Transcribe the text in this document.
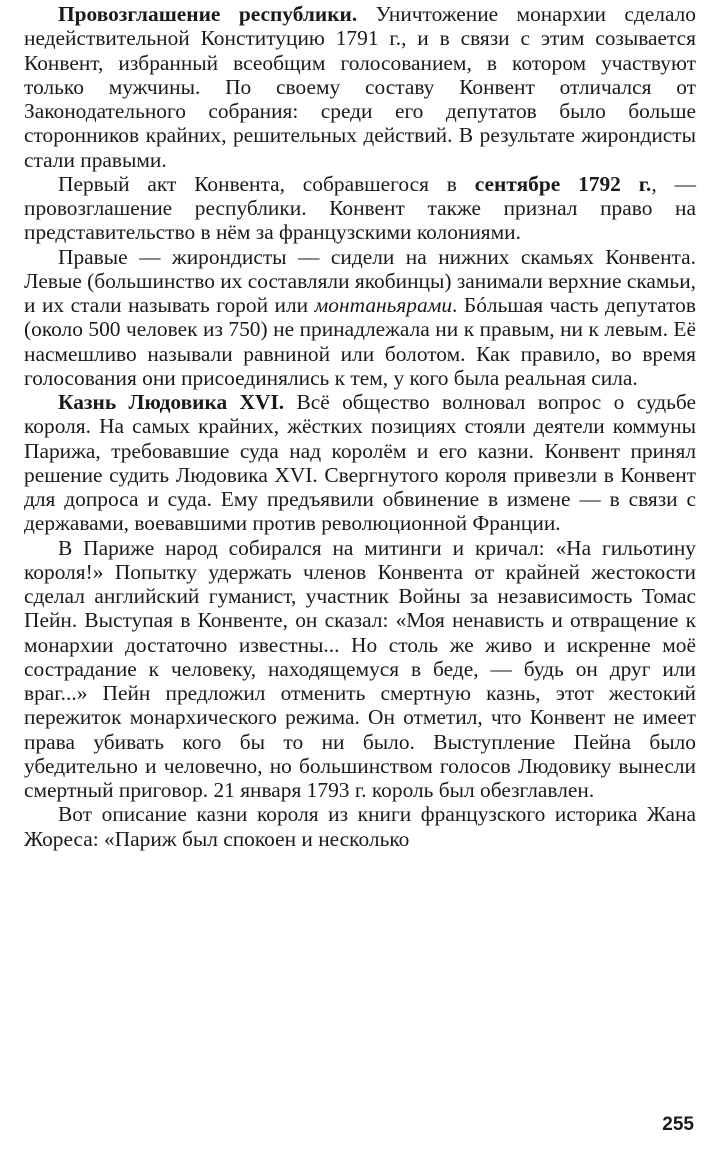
Провозглашение республики. Уничтожение монархии сделало недействительной Конституцию 1791 г., и в связи с этим созывается Конвент, избранный всеобщим голосованием, в котором участвуют только мужчины. По своему составу Конвент отличался от Законодательного собрания: среди его депутатов было больше сторонников крайних, решительных действий. В результате жирондисты стали правыми.

Первый акт Конвента, собравшегося в сентябре 1792 г., — провозглашение республики. Конвент также признал право на представительство в нём за французскими колониями.

Правые — жирондисты — сидели на нижних скамьях Конвента. Левые (большинство их составляли якобинцы) занимали верхние скамьи, и их стали называть горой или монтаньярами. Бóльшая часть депутатов (около 500 человек из 750) не принадлежала ни к правым, ни к левым. Её насмешливо называли равниной или болотом. Как правило, во время голосования они присоединялись к тем, у кого была реальная сила.

Казнь Людовика XVI. Всё общество волновал вопрос о судьбе короля. На самых крайних, жёстких позициях стояли деятели коммуны Парижа, требовавшие суда над королём и его казни. Конвент принял решение судить Людовика XVI. Свергнутого короля привезли в Конвент для допроса и суда. Ему предъявили обвинение в измене — в связи с державами, воевавшими против революционной Франции.

В Париже народ собирался на митинги и кричал: «На гильотину короля!» Попытку удержать членов Конвента от крайней жестокости сделал английский гуманист, участник Войны за независимость Томас Пейн. Выступая в Конвенте, он сказал: «Моя ненависть и отвращение к монархии достаточно известны... Но столь же живо и искренне моё сострадание к человеку, находящемуся в беде, — будь он друг или враг...» Пейн предложил отменить смертную казнь, этот жестокий пережиток монархического режима. Он отметил, что Конвент не имеет права убивать кого бы то ни было. Выступление Пейна было убедительно и человечно, но большинством голосов Людовику вынесли смертный приговор. 21 января 1793 г. король был обезглавлен.

Вот описание казни короля из книги французского историка Жана Жореса: «Париж был спокоен и несколько

255
